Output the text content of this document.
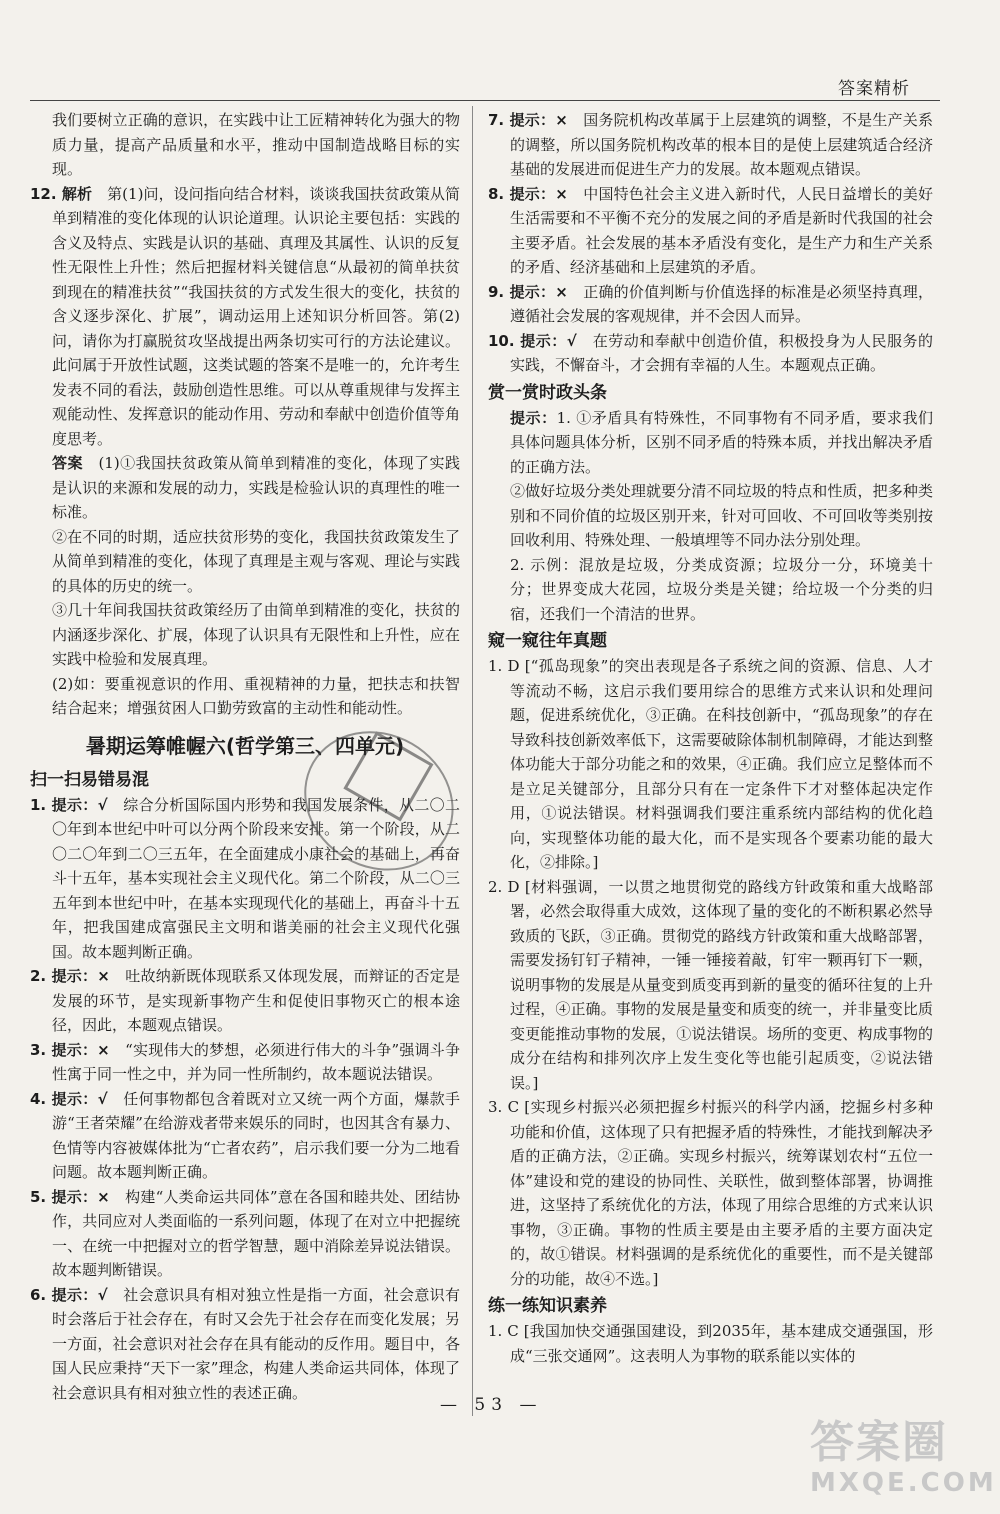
答案精析

我们要树立正确的意识，在实践中让工匠精神转化为强大的物质力量，提高产品质量和水平，推动中国制造战略目标的实现。

12. 解析　 第(1)问，设问指向结合材料，谈谈我国扶贫政策从简单到精准的变化体现的认识论道理。认识论主要包括：实践的含义及特点、实践是认识的基础、真理及其属性、认识的反复性无限性上升性；然后把握材料关键信息“从最初的简单扶贫到现在的精准扶贫”“我国扶贫的方式发生很大的变化，扶贫的含义逐步深化、扩展”，调动运用上述知识分析回答。第(2)问，请你为打赢脱贫攻坚战提出两条切实可行的方法论建议。此问属于开放性试题，这类试题的答案不是唯一的，允许考生发表不同的看法，鼓励创造性思维。可以从尊重规律与发挥主观能动性、发挥意识的能动作用、劳动和奉献中创造价值等角度思考。

答案　 (1)①我国扶贫政策从简单到精准的变化，体现了实践是认识的来源和发展的动力，实践是检验认识的真理性的唯一标准。

②在不同的时期，适应扶贫形势的变化，我国扶贫政策发生了从简单到精准的变化，体现了真理是主观与客观、理论与实践的具体的历史的统一。

③几十年间我国扶贫政策经历了由简单到精准的变化，扶贫的内涵逐步深化、扩展，体现了认识具有无限性和上升性，应在实践中检验和发展真理。

(2)如：要重视意识的作用、重视精神的力量，把扶志和扶智结合起来；增强贫困人口勤劳致富的主动性和能动性。

暑期运筹帷幄六(哲学第三、四单元)
扫一扫易错易混

1. 提示：√　 综合分析国际国内形势和我国发展条件，从二〇二〇年到本世纪中叶可以分两个阶段来安排。第一个阶段，从二〇二〇年到二〇三五年，在全面建成小康社会的基础上，再奋斗十五年，基本实现社会主义现代化。第二个阶段，从二〇三五年到本世纪中叶，在基本实现现代化的基础上，再奋斗十五年，把我国建成富强民主文明和谐美丽的社会主义现代化强国。故本题判断正确。

2. 提示：×　 吐故纳新既体现联系又体现发展，而辩证的否定是发展的环节，是实现新事物产生和促使旧事物灭亡的根本途径，因此，本题观点错误。

3. 提示：×　 “实现伟大的梦想，必须进行伟大的斗争”强调斗争性寓于同一性之中，并为同一性所制约，故本题说法错误。

4. 提示：√　 任何事物都包含着既对立又统一两个方面，爆款手游“王者荣耀”在给游戏者带来娱乐的同时，也因其含有暴力、色情等内容被媒体批为“亡者农药”，启示我们要一分为二地看问题。故本题判断正确。

5. 提示：×　 构建“人类命运共同体”意在各国和睦共处、团结协作，共同应对人类面临的一系列问题，体现了在对立中把握统一、在统一中把握对立的哲学智慧，题中消除差异说法错误。故本题判断错误。

6. 提示：√　 社会意识具有相对独立性是指一方面，社会意识有时会落后于社会存在，有时又会先于社会存在而变化发展；另一方面，社会意识对社会存在具有能动的反作用。题目中，各国人民应秉持“天下一家”理念，构建人类命运共同体，体现了社会意识具有相对独立性的表述正确。

7. 提示：×　 国务院机构改革属于上层建筑的调整，不是生产关系的调整，所以国务院机构改革的根本目的是使上层建筑适合经济基础的发展进而促进生产力的发展。故本题观点错误。

8. 提示：×　 中国特色社会主义进入新时代，人民日益增长的美好生活需要和不平衡不充分的发展之间的矛盾是新时代我国的社会主要矛盾。社会发展的基本矛盾没有变化，是生产力和生产关系的矛盾、经济基础和上层建筑的矛盾。

9. 提示：×　 正确的价值判断与价值选择的标准是必须坚持真理，遵循社会发展的客观规律，并不会因人而异。

10. 提示：√　 在劳动和奉献中创造价值，积极投身为人民服务的实践，不懈奋斗，才会拥有幸福的人生。本题观点正确。

赏一赏时政头条

提示：1. ①矛盾具有特殊性，不同事物有不同矛盾，要求我们具体问题具体分析，区别不同矛盾的特殊本质，并找出解决矛盾的正确方法。

②做好垃圾分类处理就要分清不同垃圾的特点和性质，把多种类别和不同价值的垃圾区别开来，针对可回收、不可回收等类别按回收利用、特殊处理、一般填埋等不同办法分别处理。

2. 示例：混放是垃圾，分类成资源；垃圾分一分，环境美十分；世界变成大花园，垃圾分类是关键；给垃圾一个分类的归宿，还我们一个清洁的世界。

窥一窥往年真题

1. D [“孤岛现象”的突出表现是各子系统之间的资源、信息、人才等流动不畅，这启示我们要用综合的思维方式来认识和处理问题，促进系统优化，③正确。在科技创新中，“孤岛现象”的存在导致科技创新效率低下，这需要破除体制机制障碍，才能达到整体功能大于部分功能之和的效果，④正确。我们应立足整体而不是立足关键部分，且部分只有在一定条件下才对整体起决定作用，①说法错误。材料强调我们要注重系统内部结构的优化趋向，实现整体功能的最大化，而不是实现各个要素功能的最大化，②排除。]

2. D [材料强调，一以贯之地贯彻党的路线方针政策和重大战略部署，必然会取得重大成效，这体现了量的变化的不断积累必然导致质的飞跃，③正确。贯彻党的路线方针政策和重大战略部署，需要发扬钉钉子精神，一锤一锤接着敲，钉牢一颗再钉下一颗，说明事物的发展是从量变到质变再到新的量变的循环往复的上升过程，④正确。事物的发展是量变和质变的统一，并非量变比质变更能推动事物的发展，①说法错误。场所的变更、构成事物的成分在结构和排列次序上发生变化等也能引起质变，②说法错误。]

3. C [实现乡村振兴必须把握乡村振兴的科学内涵，挖掘乡村多种功能和价值，这体现了只有把握矛盾的特殊性，才能找到解决矛盾的正确方法，②正确。实现乡村振兴，统筹谋划农村“五位一体”建设和党的建设的协同性、关联性，做到整体部署，协调推进，这坚持了系统优化的方法，体现了用综合思维的方式来认识事物，③正确。事物的性质主要是由主要矛盾的主要方面决定的，故①错误。材料强调的是系统优化的重要性，而不是关键部分的功能，故④不选。]

练一练知识素养

1. C [我国加快交通强国建设，到2035年，基本建成交通强国，形成“三张交通网”。这表明人为事物的联系能以实体的

— 53 —
答案圈
MXQE.COM
